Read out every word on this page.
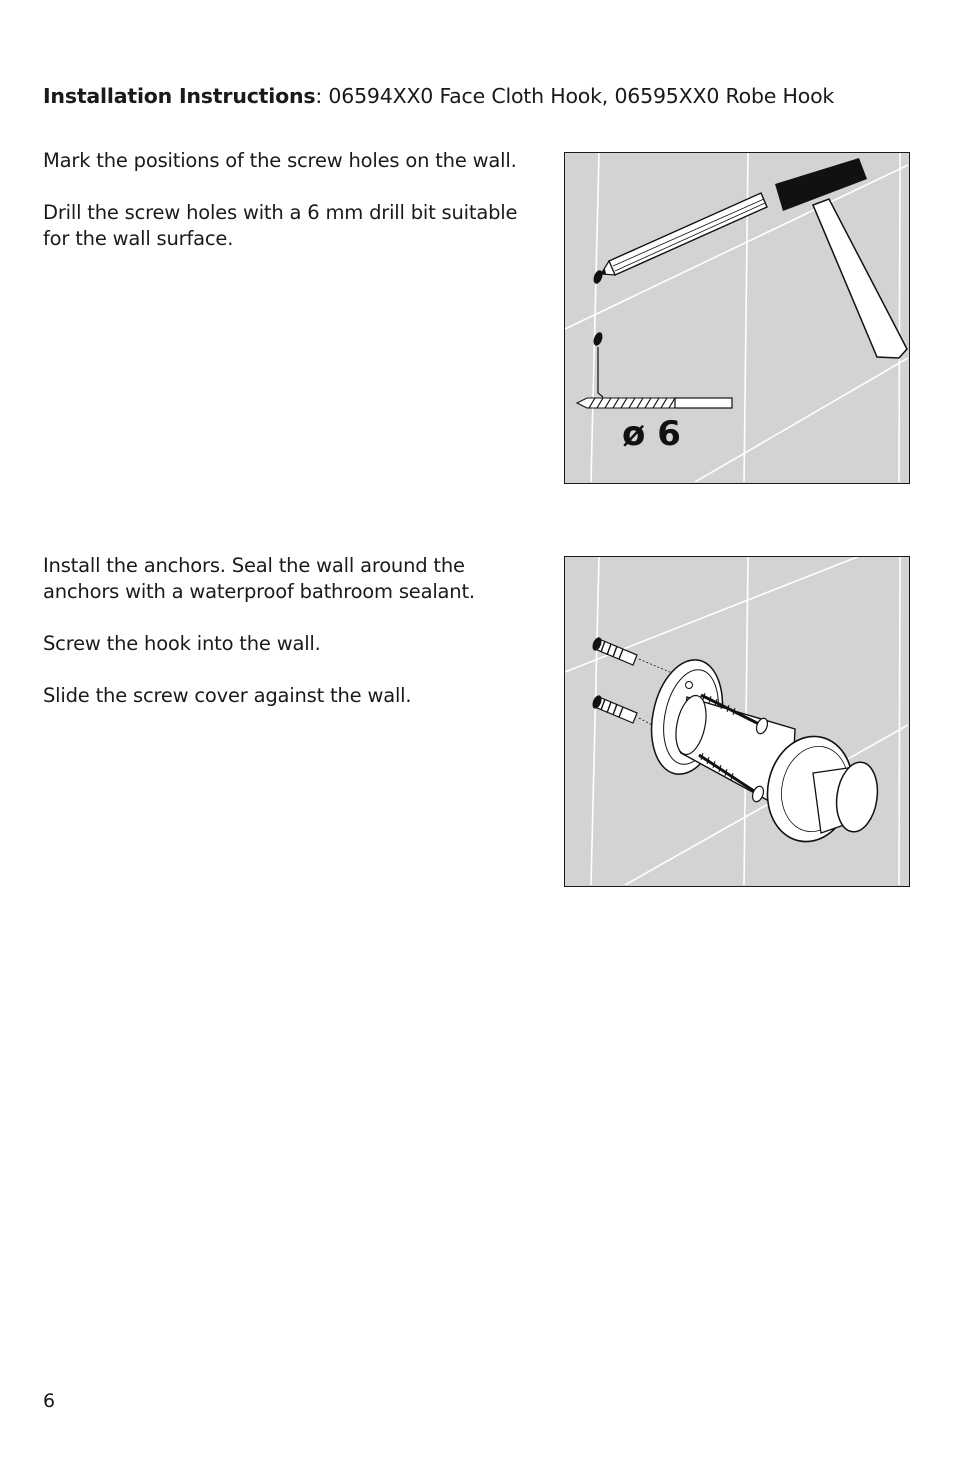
Installation Instructions: 06594XX0 Face Cloth Hook, 06595XX0 Robe Hook

Mark the positions of the screw holes on the wall.

Drill the screw holes with a 6 mm drill bit suitable
for the wall surface.

ø 6

Install the anchors. Seal the wall around the
anchors with a waterproof bathroom sealant.

Screw the hook into the wall.

Slide the screw cover against the wall.

6
